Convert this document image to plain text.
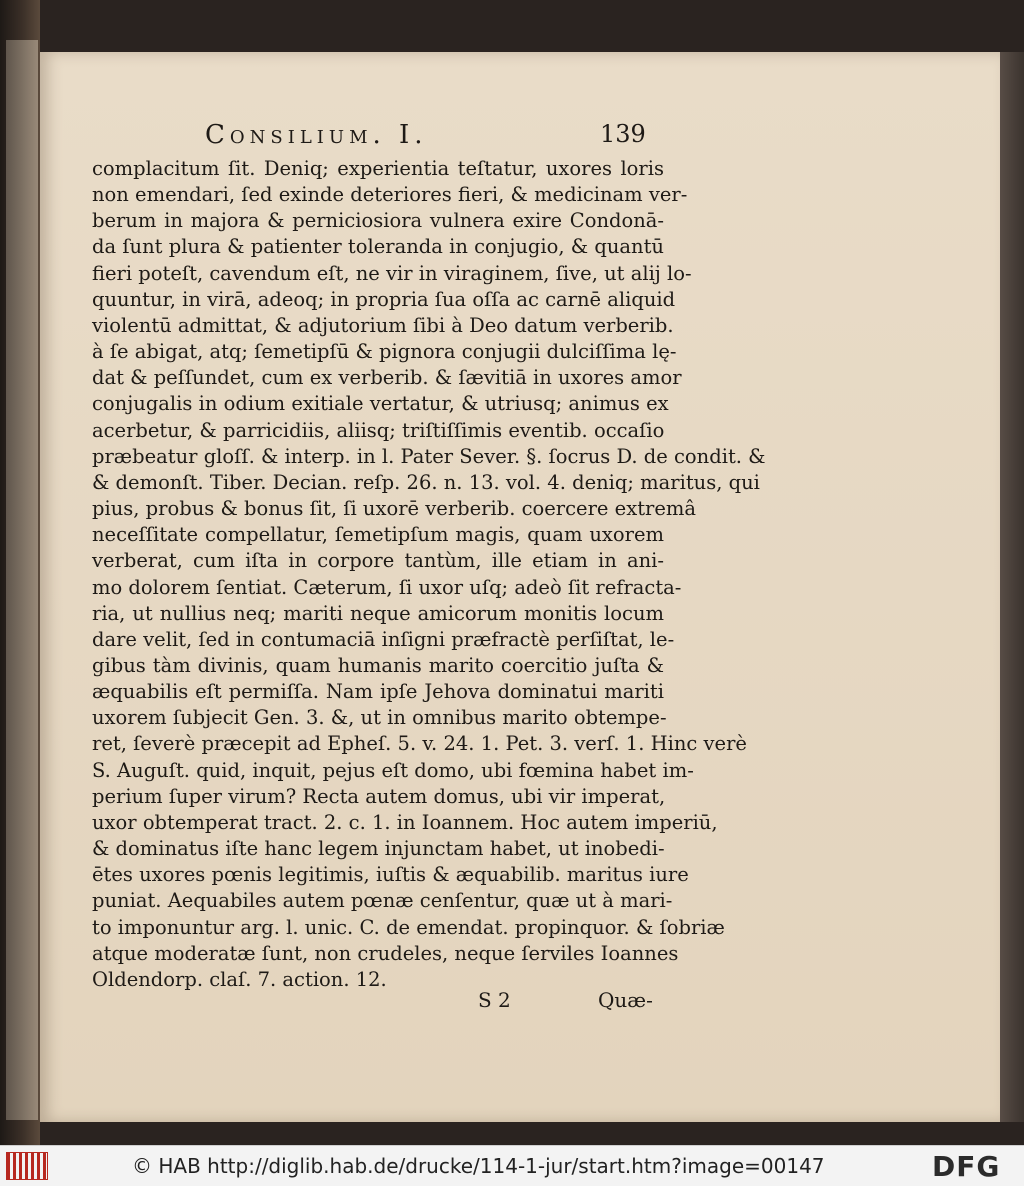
Consilium. I.	139
complacitum ſit. Deniq; experientia teſtatur, uxores loris
non emendari, ſed exinde deteriores fieri, & medicinam ver-
berum in majora & perniciosiora vulnera exire Condonā-
da ſunt plura & patienter toleranda in conjugio, & quantū
fieri poteſt, cavendum eſt, ne vir in viraginem, ſive, ut alij lo-
quuntur, in virā, adeoq; in propria ſua oſſa ac carnē aliquid
violentū admittat, & adjutorium ſibi à Deo datum verberib.
à ſe abigat, atq; ſemetipſū & pignora conjugii dulciſſima lę-
dat & peſſundet, cum ex verberib. & ſævitiā in uxores amor
conjugalis in odium exitiale vertatur, & utriusq; animus ex
acerbetur, & parricidiis, aliisq; triſtiſſimis eventib. occaſio
præbeatur gloſſ. & interp. in l. Pater Sever. §. ſocrus D. de condit. &
& demonſt. Tiber. Decian. reſp. 26. n. 13. vol. 4. deniq; maritus, qui
pius, probus & bonus ſit, ſi uxorē verberib. coercere extremâ
neceſſitate compellatur, ſemetipſum magis, quam uxorem
verberat, cum iſta in corpore tantùm, ille etiam in ani-
mo dolorem ſentiat. Cæterum, ſi uxor uſq; adeò ſit refracta-
ria, ut nullius neq; mariti neque amicorum monitis locum
dare velit, ſed in contumaciā inſigni præfractè perſiſtat, le-
gibus tàm divinis, quam humanis marito coercitio juſta &
æquabilis eſt permiſſa. Nam ipſe Jehova dominatui mariti
uxorem ſubjecit Gen. 3. &, ut in omnibus marito obtempe-
ret, ſeverè præcepit ad Epheſ. 5. v. 24. 1. Pet. 3. verſ. 1. Hinc verè
S. Auguſt. quid, inquit, pejus eſt domo, ubi fœmina habet im-
perium ſuper virum? Recta autem domus, ubi vir imperat,
uxor obtemperat tract. 2. c. 1. in Ioannem. Hoc autem imperiū,
& dominatus iſte hanc legem injunctam habet, ut inobedi-
ētes uxores pœnis legitimis, iuſtis & æquabilib. maritus iure
puniat. Aequabiles autem pœnæ cenſentur, quæ ut à mari-
to imponuntur arg. l. unic. C. de emendat. propinquor. & ſobriæ
atque moderatæ ſunt, non crudeles, neque ſerviles Ioannes
Oldendorp. claſ. 7. action. 12.
S 2	Quæ-
© HAB http://diglib.hab.de/drucke/114-1-jur/start.htm?image=00147	DFG
